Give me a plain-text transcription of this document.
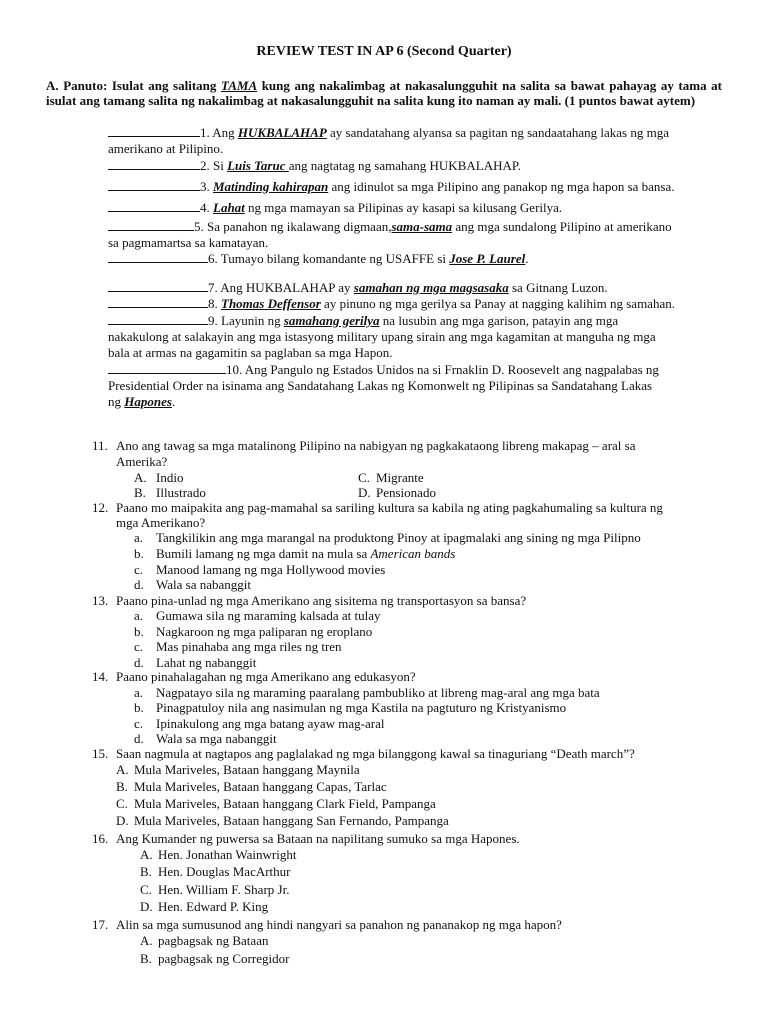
REVIEW TEST IN AP 6 (Second Quarter)
A. Panuto: Isulat ang salitang TAMA kung ang nakalimbag at nakasalungguhit na salita sa bawat pahayag ay tama at isulat ang tamang salita ng nakalimbag at nakasalungguhit na salita kung ito naman ay mali. (1 puntos bawat aytem)
1. Ang HUKBALAHAP ay sandatahang alyansa sa pagitan ng sandaatahang lakas ng mga
amerikano at Pilipino.
2. Si Luis Taruc ang nagtatag ng samahang HUKBALAHAP.
3. Matinding kahirapan ang idinulot sa mga Pilipino ang panakop ng mga hapon sa bansa.
4. Lahat ng mga mamayan sa Pilipinas ay kasapi sa kilusang Gerilya.
5. Sa panahon ng ikalawang digmaan,sama-sama ang mga sundalong Pilipino at amerikano
sa pagmamartsa sa kamatayan.
6. Tumayo bilang komandante ng USAFFE si Jose P. Laurel.
7. Ang HUKBALAHAP ay samahan ng mga magsasaka sa Gitnang Luzon.
8. Thomas Deffensor ay pinuno ng mga gerilya sa Panay at nagging kalihim ng samahan.
9. Layunin ng samahang gerilya na lusubin ang mga garison, patayin ang mga
nakakulong at salakayin ang mga istasyong military upang sirain ang mga kagamitan at manguha ng mga
bala at armas na gagamitin sa paglaban sa mga Hapon.
10. Ang Pangulo ng Estados Unidos na si Frnaklin D. Roosevelt ang nagpalabas ng
Presidential Order na isinama ang Sandatahang Lakas ng Komonwelt ng Pilipinas sa Sandatahang Lakas
ng Hapones.
11. Ano ang tawag sa mga matalinong Pilipino na nabigyan ng pagkakataong libreng makapag – aral sa
Amerika?
A. Indio	C. Migrante
B. Illustrado	D. Pensionado
12. Paano mo maipakita ang pag-mamahal sa sariling kultura sa kabila ng ating pagkahumaling sa kultura ng
mga Amerikano?
a. Tangkilikin ang mga marangal na produktong Pinoy at ipagmalaki ang sining ng mga Pilipno
b. Bumili lamang ng mga damit na mula sa American bands
c. Manood lamang ng mga Hollywood movies
d. Wala sa nabanggit
13. Paano pina-unlad ng mga Amerikano ang sisitema ng transportasyon sa bansa?
a. Gumawa sila ng maraming kalsada at tulay
b. Nagkaroon ng mga paliparan ng eroplano
c. Mas pinahaba ang mga riles ng tren
d. Lahat ng nabanggit
14. Paano pinahalagahan ng mga Amerikano ang edukasyon?
a. Nagpatayo sila ng maraming paaralang pambubliko at libreng mag-aral ang mga bata
b. Pinagpatuloy nila ang nasimulan ng mga Kastila na pagtuturo ng Kristyanismo
c. Ipinakulong ang mga batang ayaw mag-aral
d. Wala sa mga nabanggit
15. Saan nagmula at nagtapos ang paglalakad ng mga bilanggong kawal sa tinaguriang “Death march”?
A. Mula Mariveles, Bataan hanggang Maynila
B. Mula Mariveles, Bataan hanggang Capas, Tarlac
C. Mula Mariveles, Bataan hanggang Clark Field, Pampanga
D. Mula Mariveles, Bataan hanggang San Fernando, Pampanga
16. Ang Kumander ng puwersa sa Bataan na napilitang sumuko sa mga Hapones.
A. Hen. Jonathan Wainwright
B. Hen. Douglas MacArthur
C. Hen. William F. Sharp Jr.
D. Hen. Edward P. King
17. Alin sa mga sumusunod ang hindi nangyari sa panahon ng pananakop ng mga hapon?
A. pagbagsak ng Bataan
B. pagbagsak ng Corregidor
